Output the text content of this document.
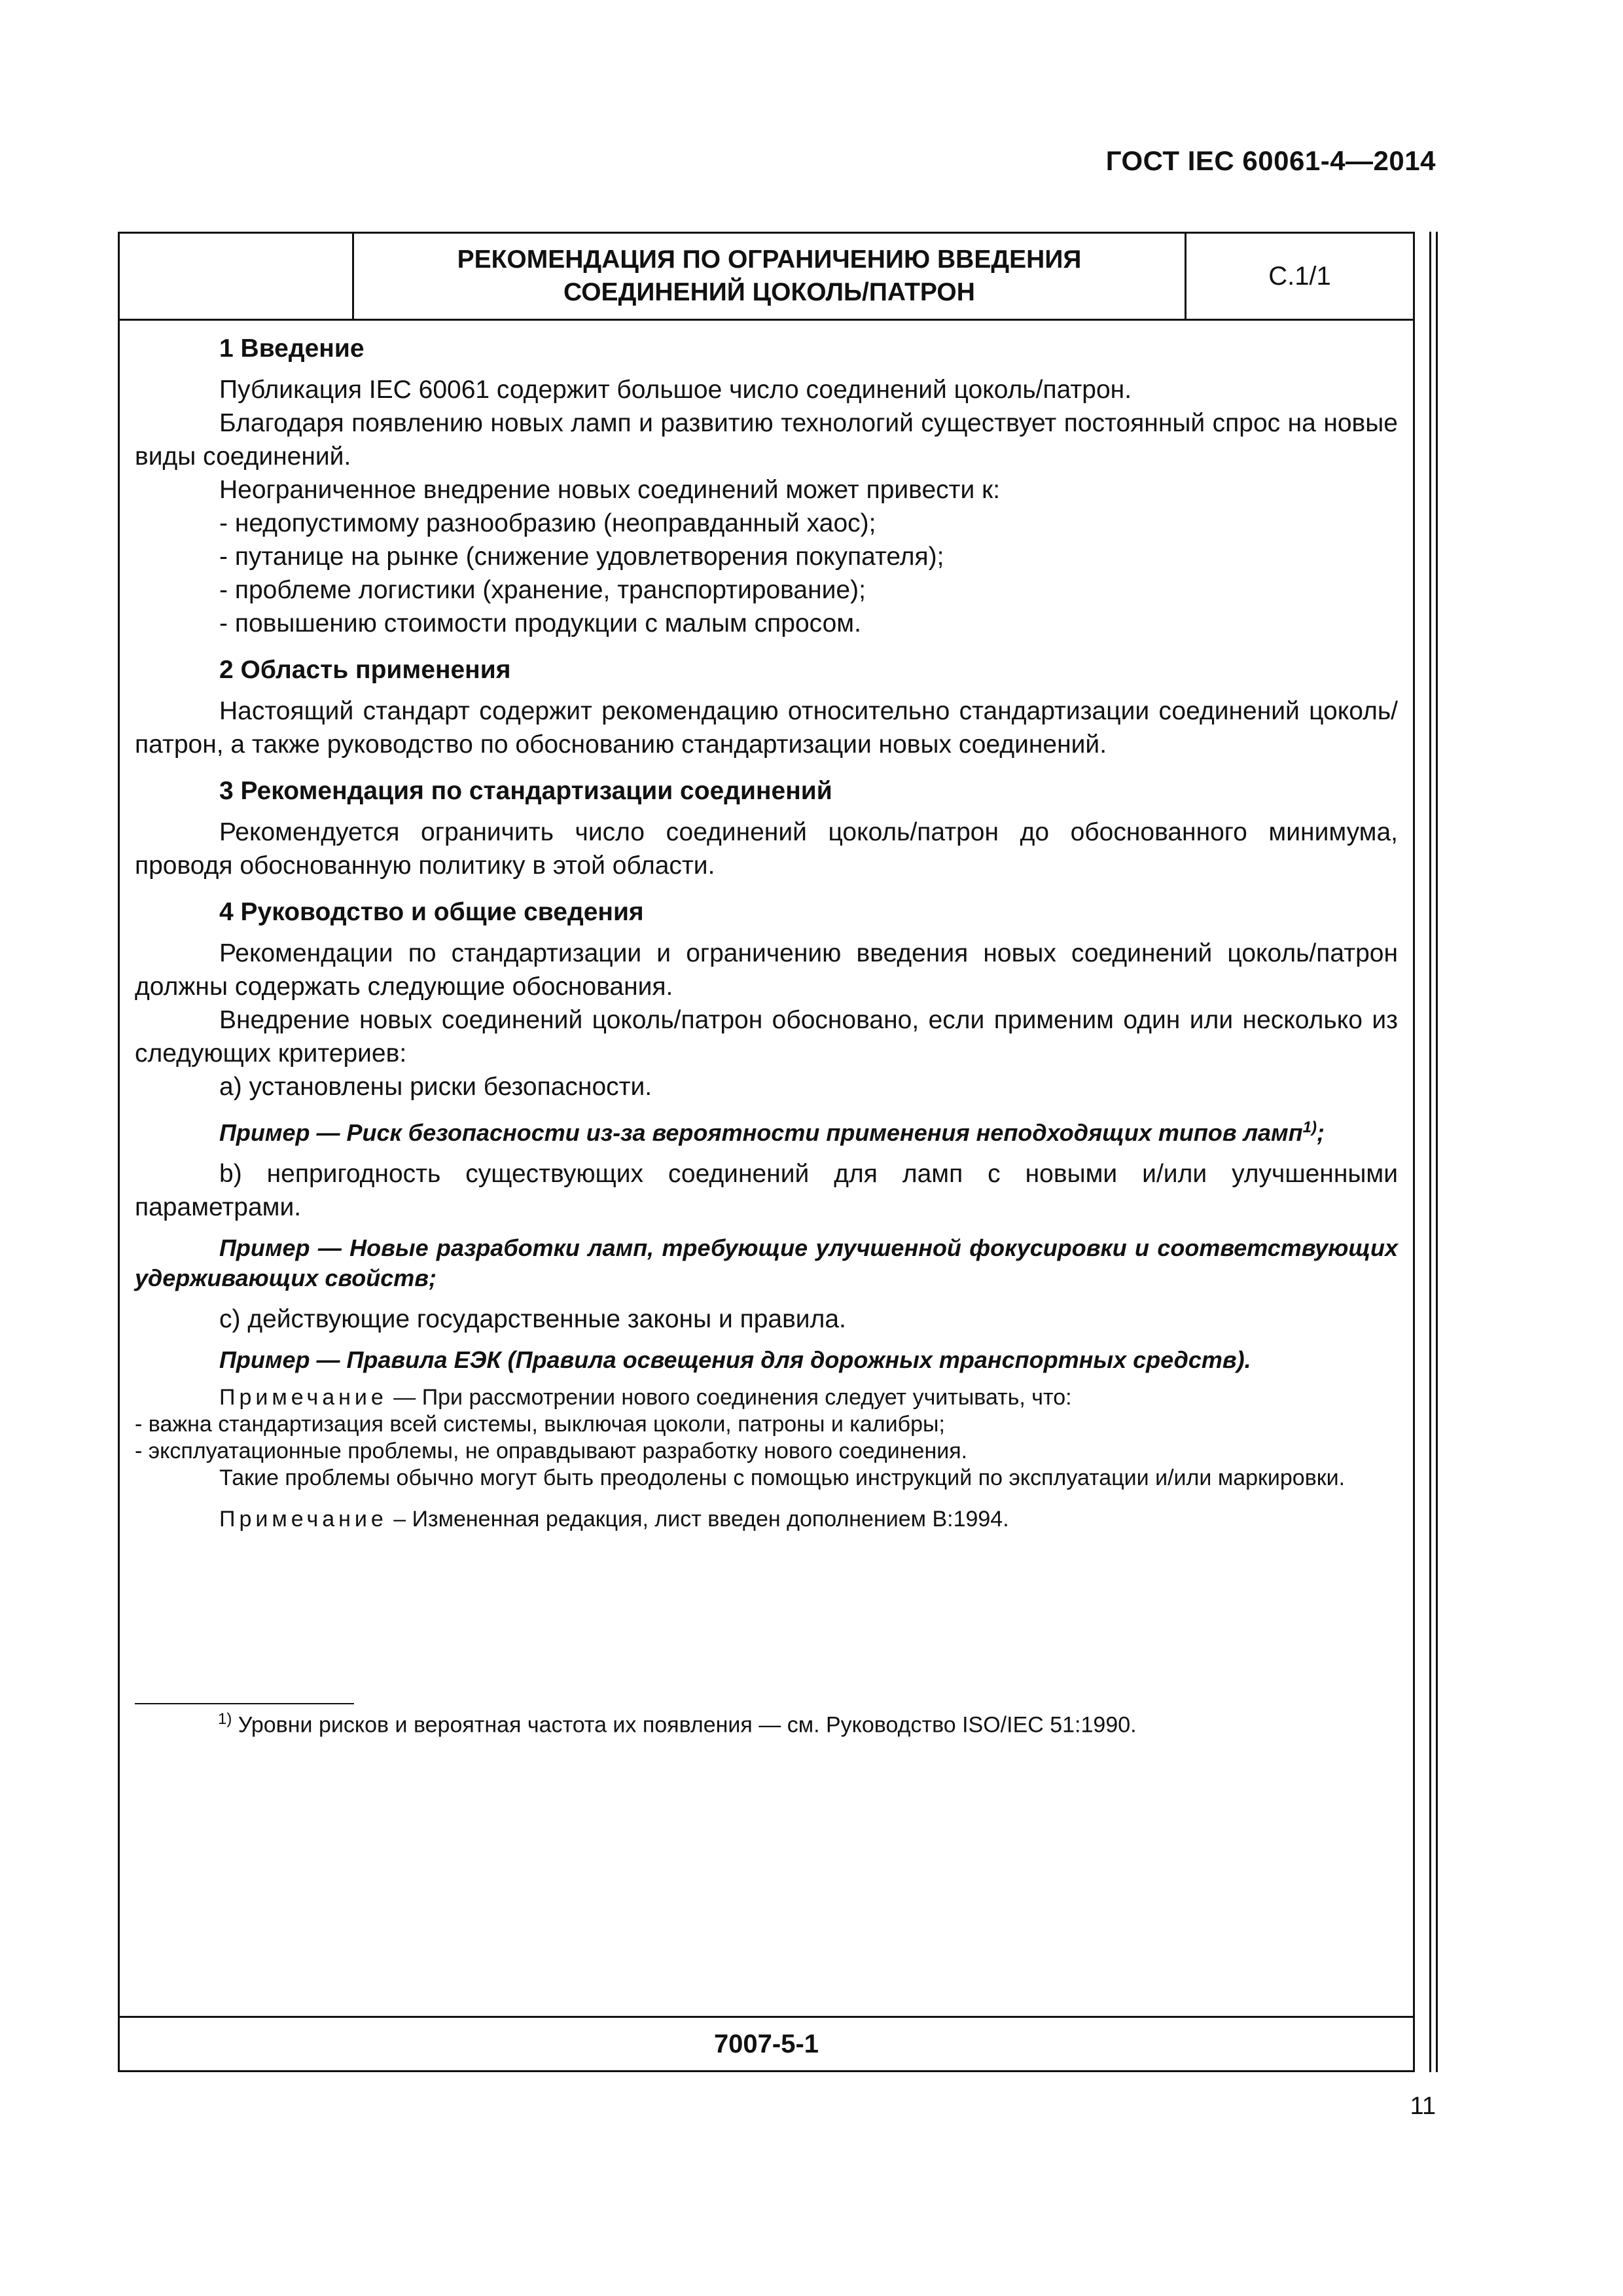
ГОСТ IEC 60061-4—2014
РЕКОМЕНДАЦИЯ ПО ОГРАНИЧЕНИЮ ВВЕДЕНИЯ
СОЕДИНЕНИЙ ЦОКОЛЬ/ПАТРОН
C.1/1

1 Введение

Публикация IEC 60061 содержит большое число соединений цоколь/патрон.

Благодаря появлению новых ламп и развитию технологий существует постоянный спрос на новые виды соединений.

Неограниченное внедрение новых соединений может привести к:

- недопустимому разнообразию (неоправданный хаос);

- путанице на рынке (снижение удовлетворения покупателя);

- проблеме логистики (хранение, транспортирование);

- повышению стоимости продукции с малым спросом.

2 Область применения

Настоящий стандарт содержит рекомендацию относительно стандартизации соединений цоколь/патрон, а также руководство по обоснованию стандартизации новых соединений.

3 Рекомендация по стандартизации соединений

Рекомендуется ограничить число соединений цоколь/патрон до обоснованного минимума, проводя обоснованную политику в этой области.

4 Руководство и общие сведения

Рекомендации по стандартизации и ограничению введения новых соединений цоколь/патрон должны содержать следующие обоснования.

Внедрение новых соединений цоколь/патрон обосновано, если применим один или несколько из следующих критериев:

а) установлены риски безопасности.

Пример — Риск безопасности из-за вероятности применения неподходящих типов ламп$^{1)}$;

b) непригодность существующих соединений для ламп с новыми и/или улучшенными параметрами.

Пример — Новые разработки ламп, требующие улучшенной фокусировки и соответствующих удерживающих свойств;

с) действующие государственные законы и правила.

Пример — Правила ЕЭК (Правила освещения для дорожных транспортных средств).

Примечание — При рассмотрении нового соединения следует учитывать, что:

- важна стандартизация всей системы, выключая цоколи, патроны и калибры;

- эксплуатационные проблемы, не оправдывают разработку нового соединения.

Такие проблемы обычно могут быть преодолены с помощью инструкций по эксплуатации и/или маркировки.

Примечание – Измененная редакция, лист введен дополнением В:1994.

$^{1)}$ Уровни рисков и вероятная частота их появления — см. Руководство ISO/IEC 51:1990.
7007-5-1
11
